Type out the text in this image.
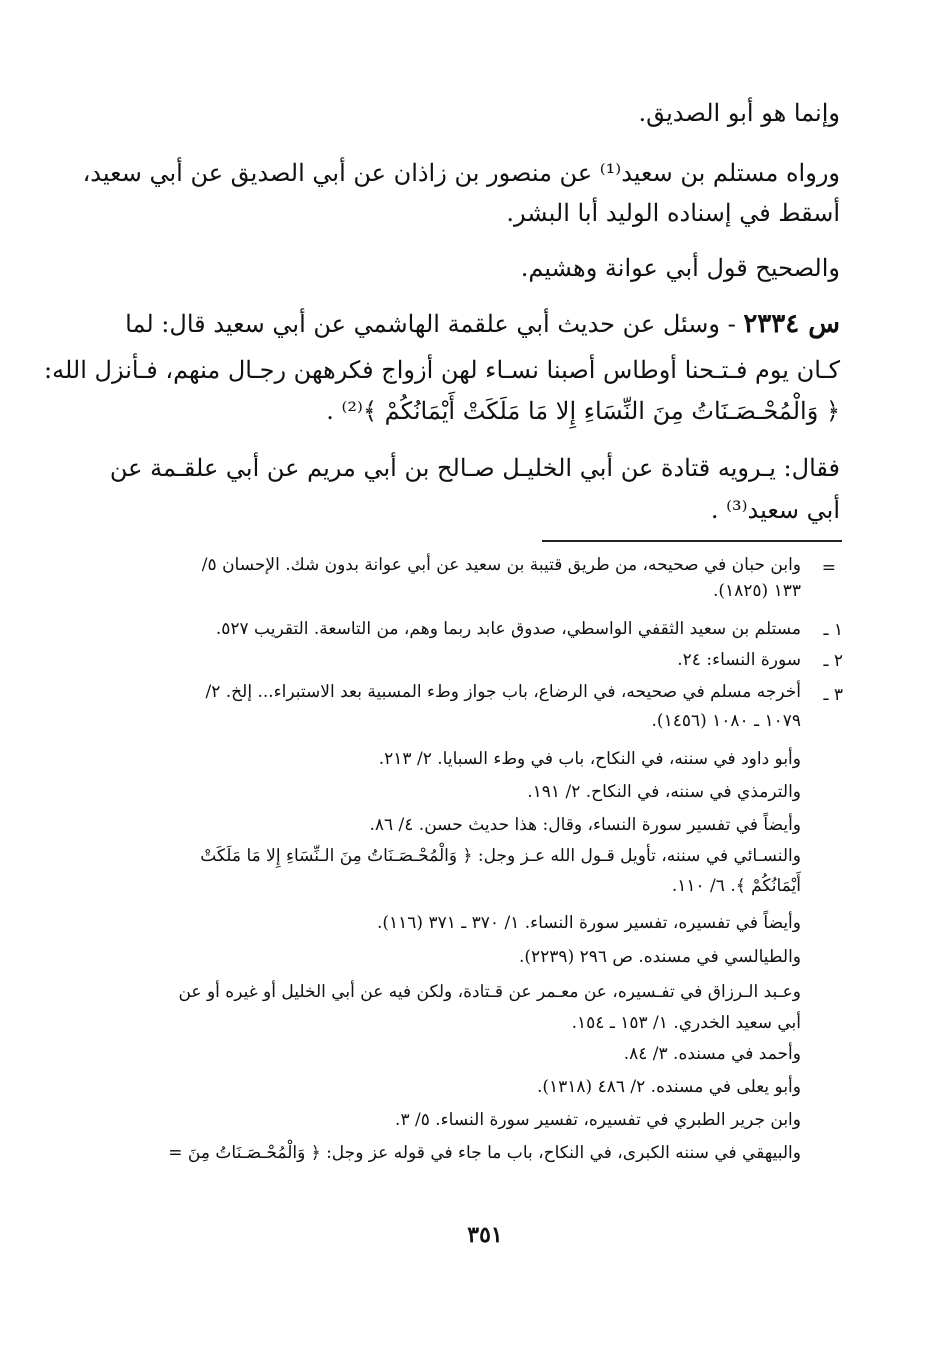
وإنما هو أبو الصديق.
ورواه مستلم بن سعيد⁽¹⁾ عن منصور بن زاذان عن أبي الصديق عن أبي سعيد،
أسقط في إسناده الوليد أبا البشر.
والصحيح قول أبي عوانة وهشيم.
س ٢٣٣٤ - وسئل عن حديث أبي علقمة الهاشمي عن أبي سعيد قال: لما
كـان يوم فـتـحنا أوطاس أصبنا نسـاء لهن أزواج فكرههن رجـال منهم، فـأنزل الله:
﴿ وَالْمُحْـصَـنَاتُ مِنَ النِّسَاءِ إِلا مَا مَلَكَتْ أَيْمَانُكُمْ ﴾⁽²⁾ .
فقال: يـرويه قتادة عن أبي الخليـل صـالح بن أبي مريم عن أبي علقـمة عن
أبي سعيد⁽³⁾ .
=
وابن حبان في صحيحه، من طريق قتيبة بن سعيد عن أبي عوانة بدون شك. الإحسان ٥/
١٣٣ (١٨٢٥).
١ ـ
مستلم بن سعيد الثقفي الواسطي، صدوق عابد ربما وهم، من التاسعة. التقريب ٥٢٧.
٢ ـ
سورة النساء: ٢٤.
٣ ـ
أخرجه مسلم في صحيحه، في الرضاع، باب جواز وطء المسبية بعد الاستبراء... إلخ. ٢/
١٠٧٩ ـ ١٠٨٠ (١٤٥٦).
وأبو داود في سننه، في النكاح، باب في وطء السبايا. ٢/ ٢١٣.
والترمذي في سننه، في النكاح. ٢/ ١٩١.
وأيضاً في تفسير سورة النساء، وقال: هذا حديث حسن. ٤/ ٨٦.
والنسـائي في سننه، تأويل قـول الله عـز وجل: ﴿ وَالْمُحْـصَـنَاتُ مِنَ الـنِّسَاءِ إِلا مَا مَلَكَتْ
أَيْمَانُكُمْ ﴾. ٦/ ١١٠.
وأيضاً في تفسيره، تفسير سورة النساء. ١/ ٣٧٠ ـ ٣٧١ (١١٦).
والطيالسي في مسنده. ص ٢٩٦ (٢٢٣٩).
وعـبد الـرزاق في تفـسيره، عن معـمر عن قـتادة، ولكن فيه عن أبي الخليل أو غيره أو عن
أبي سعيد الخدري. ١/ ١٥٣ ـ ١٥٤.
وأحمد في مسنده. ٣/ ٨٤.
وأبو يعلى في مسنده. ٢/ ٤٨٦ (١٣١٨).
وابن جرير الطبري في تفسيره، تفسير سورة النساء. ٥/ ٣.
والبيهقي في سننه الكبرى، في النكاح، باب ما جاء في قوله عز وجل: ﴿ وَالْمُحْـصَـنَاتُ مِنَ =
٣٥١
